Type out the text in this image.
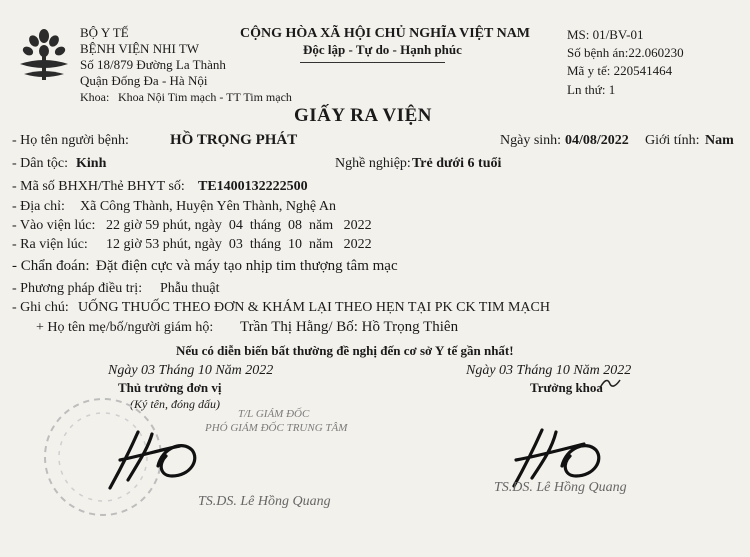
BỘ Y TẾ
BỆNH VIỆN NHI TW
Số 18/879 Đường La Thành
Quận Đống Đa - Hà Nội
Khoa: Khoa Nội Tim mạch - TT Tim mạch
CỘNG HÒA XÃ HỘI CHỦ NGHĨA VIỆT NAM
Độc lập - Tự do - Hạnh phúc
MS: 01/BV-01
Số bệnh án:22.060230
Mã y tế: 220541464
Ln thứ: 1
GIẤY RA VIỆN
- Họ tên người bệnh:	HỒ TRỌNG PHÁT	Ngày sinh: 04/08/2022 Giới tính: Nam
- Dân tộc: Kinh	Nghề nghiệp: Trẻ dưới 6 tuổi
- Mã số BHXH/Thẻ BHYT số: TE1400132222500
- Địa chỉ: Xã Công Thành, Huyện Yên Thành, Nghệ An
- Vào viện lúc: 22 giờ 59 phút, ngày  04  tháng  08  năm   2022
- Ra viện lúc: 12 giờ 53 phút, ngày  03  tháng  10  năm   2022
- Chẩn đoán: Đặt điện cực và máy tạo nhịp tim thượng tâm mạc
- Phương pháp điều trị: Phẫu thuật
- Ghi chú: UỐNG THUỐC THEO ĐƠN & KHÁM LẠI THEO HẸN TẠI PK CK TIM MẠCH
+ Họ tên mẹ/bố/người giám hộ: Trần Thị Hằng/ Bố: Hồ Trọng Thiên
Nếu có diễn biến bất thường đề nghị đến cơ sở Y tế gần nhất!
Ngày 03 Tháng 10 Năm 2022
Thủ trưởng đơn vị
(Ký tên, đóng dấu)
T/L GIÁM ĐỐC
PHÓ GIÁM ĐỐC TRUNG TÂM
Ngày 03 Tháng 10 Năm 2022
Trưởng khoa
TS.DS. Lê Hồng Quang
TS.DS. Lê Hồng Quang
